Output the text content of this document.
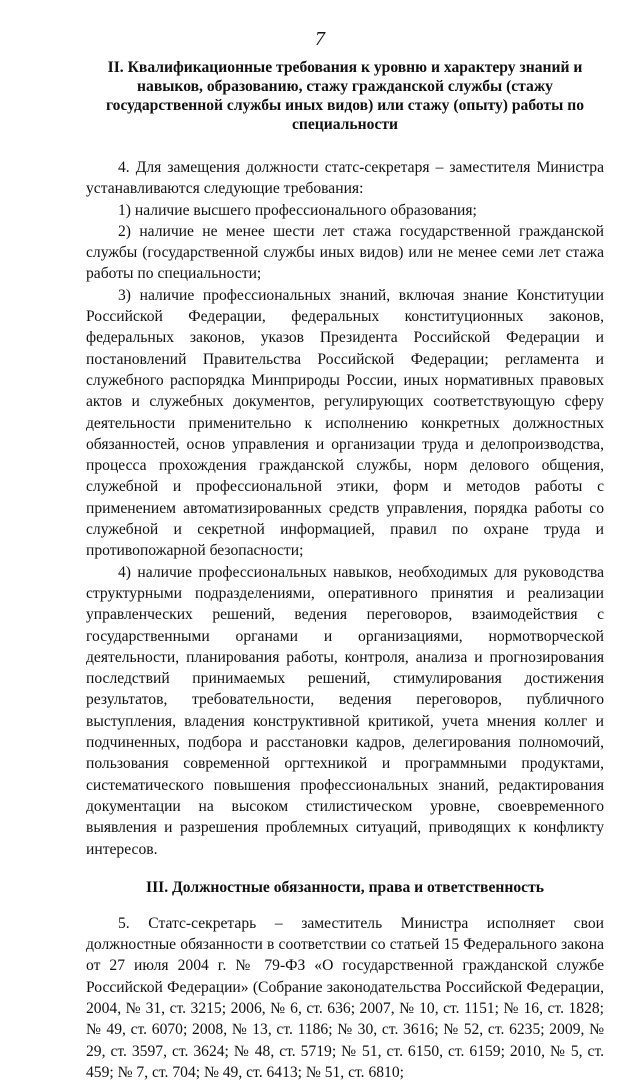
7

II. Квалификационные требования к уровню и характеру знаний и навыков, образованию, стажу гражданской службы (стажу государственной службы иных видов) или стажу (опыту) работы по специальности

4. Для замещения должности статс-секретаря – заместителя Министра устанавливаются следующие требования:

1) наличие высшего профессионального образования;

2) наличие не менее шести лет стажа государственной гражданской службы (государственной службы иных видов) или не менее семи лет стажа работы по специальности;

3) наличие профессиональных знаний, включая знание Конституции Российской Федерации, федеральных конституционных законов, федеральных законов, указов Президента Российской Федерации и постановлений Правительства Российской Федерации; регламента и служебного распорядка Минприроды России, иных нормативных правовых актов и служебных документов, регулирующих соответствующую сферу деятельности применительно к исполнению конкретных должностных обязанностей, основ управления и организации труда и делопроизводства, процесса прохождения гражданской службы, норм делового общения, служебной и профессиональной этики, форм и методов работы с применением автоматизированных средств управления, порядка работы со служебной и секретной информацией, правил по охране труда и противопожарной безопасности;

4) наличие профессиональных навыков, необходимых для руководства структурными подразделениями, оперативного принятия и реализации управленческих решений, ведения переговоров, взаимодействия с государственными органами и организациями, нормотворческой деятельности, планирования работы, контроля, анализа и прогнозирования последствий принимаемых решений, стимулирования достижения результатов, требовательности, ведения переговоров, публичного выступления, владения конструктивной критикой, учета мнения коллег и подчиненных, подбора и расстановки кадров, делегирования полномочий, пользования современной оргтехникой и программными продуктами, систематического повышения профессиональных знаний, редактирования документации на высоком стилистическом уровне, своевременного выявления и разрешения проблемных ситуаций, приводящих к конфликту интересов.

III. Должностные обязанности, права и ответственность

5. Статс-секретарь – заместитель Министра исполняет свои должностные обязанности в соответствии со статьей 15 Федерального закона от 27 июля 2004 г. № 79-ФЗ «О государственной гражданской службе Российской Федерации» (Собрание законодательства Российской Федерации, 2004, № 31, ст. 3215; 2006, № 6, ст. 636; 2007, № 10, ст. 1151; № 16, ст. 1828; № 49, ст. 6070; 2008, № 13, ст. 1186; № 30, ст. 3616; № 52, ст. 6235; 2009, № 29, ст. 3597, ст. 3624; № 48, ст. 5719; № 51, ст. 6150, ст. 6159; 2010, № 5, ст. 459; № 7, ст. 704; № 49, ст. 6413; № 51, ст. 6810;
